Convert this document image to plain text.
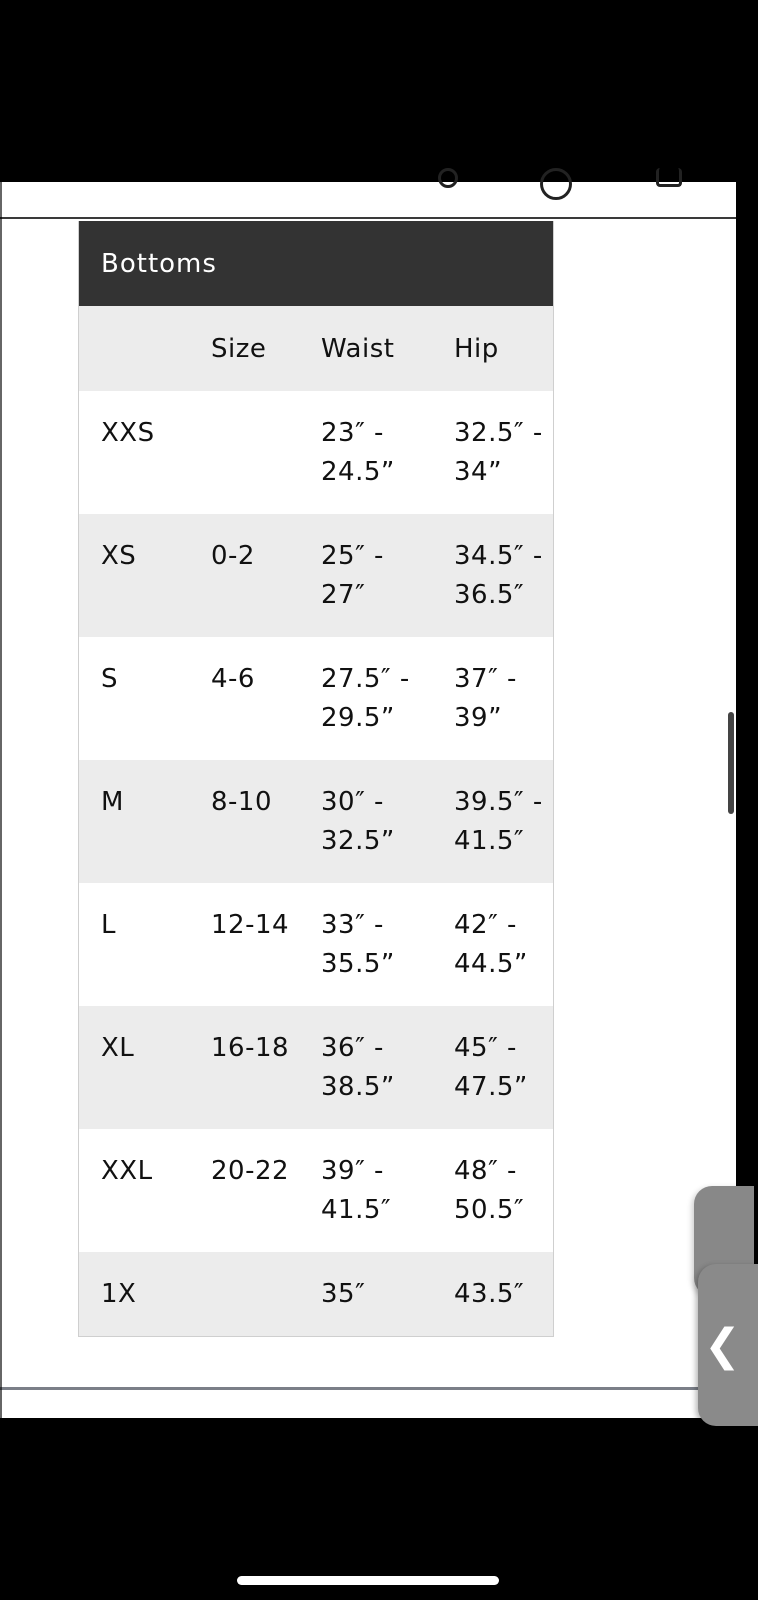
Bottoms
	Size	Waist	Hip
XXS		23″ - 24.5”	32.5″ - 34”
XS	0-2	25″ - 27″	34.5″ - 36.5″
S	4-6	27.5″ - 29.5”	37″ - 39”
M	8-10	30″ - 32.5”	39.5″ - 41.5″
L	12-14	33″ - 35.5”	42″ - 44.5”
XL	16-18	36″ - 38.5”	45″ - 47.5”
XXL	20-22	39″ - 41.5″	48″ - 50.5″
1X		35″	43.5″
❮
